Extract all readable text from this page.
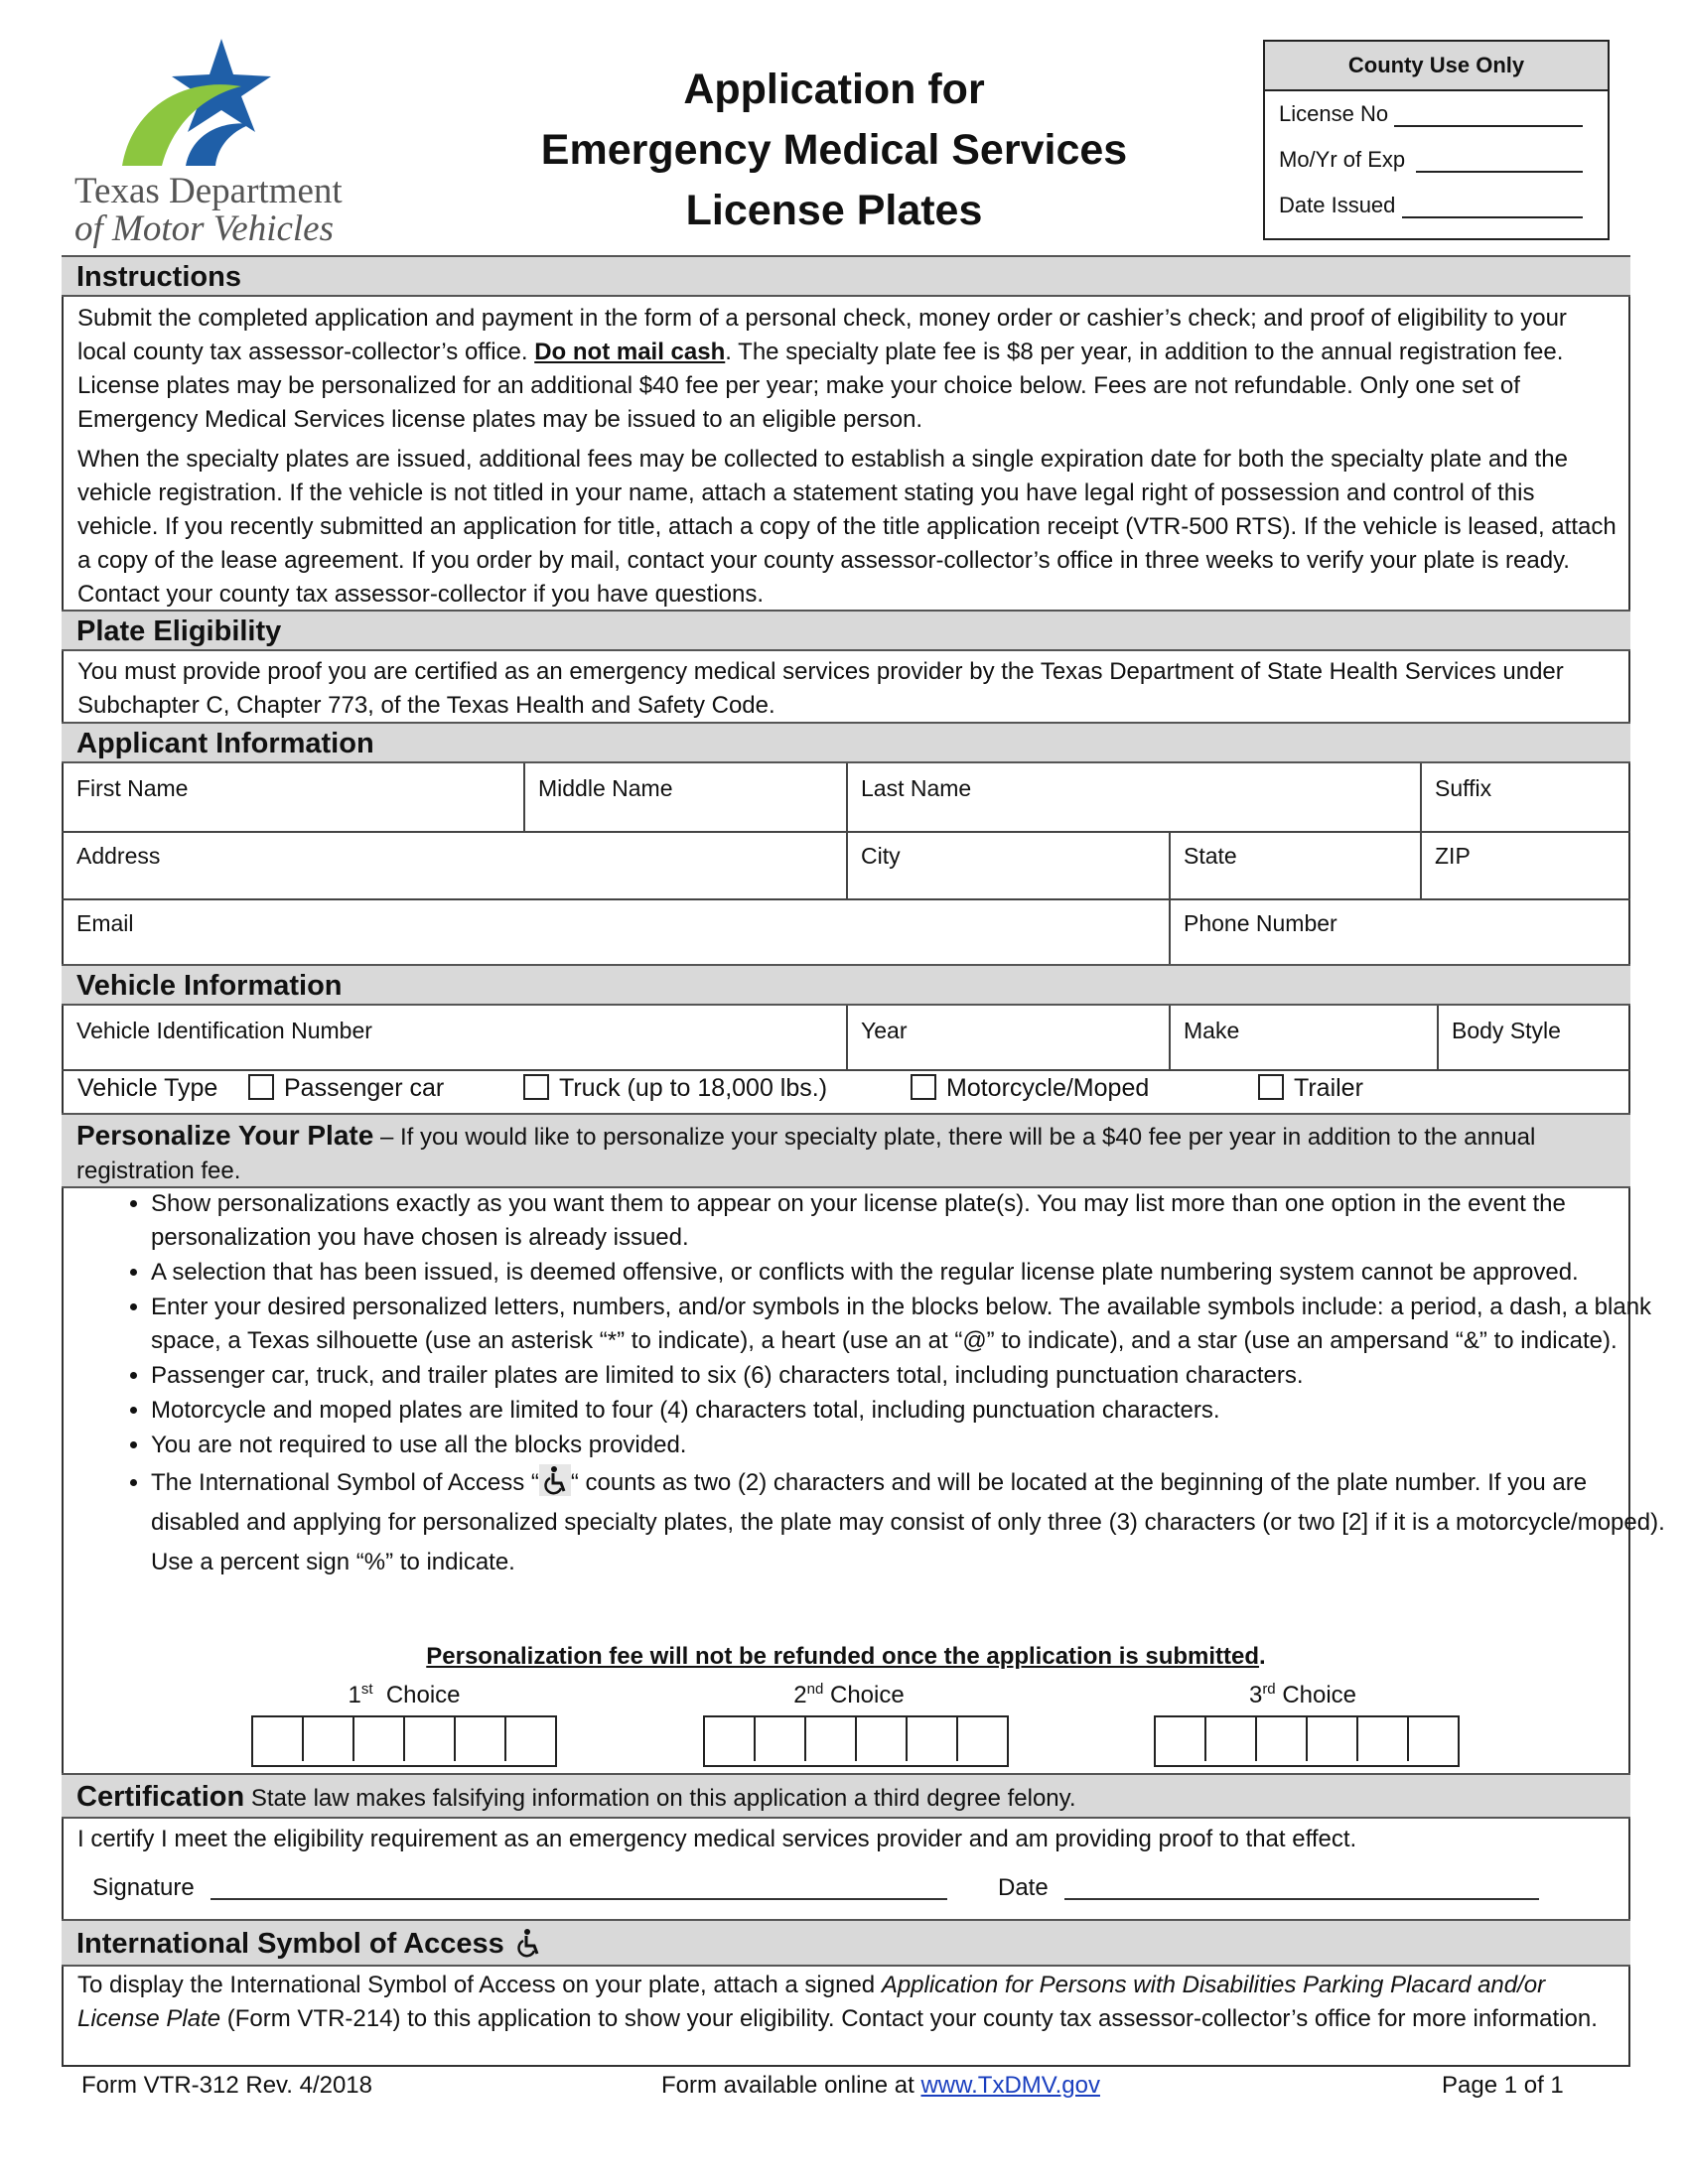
Texas Department
of Motor Vehicles
Application for
Emergency Medical Services
License Plates
County Use Only
License No
Mo/Yr of Exp
Date Issued
Instructions
Submit the completed application and payment in the form of a personal check, money order or cashier’s check; and proof of eligibility to your local county tax assessor-collector’s office. Do not mail cash. The specialty plate fee is $8 per year, in addition to the annual registration fee. License plates may be personalized for an additional $40 fee per year; make your choice below. Fees are not refundable. Only one set of Emergency Medical Services license plates may be issued to an eligible person.
When the specialty plates are issued, additional fees may be collected to establish a single expiration date for both the specialty plate and the vehicle registration. If the vehicle is not titled in your name, attach a statement stating you have legal right of possession and control of this vehicle. If you recently submitted an application for title, attach a copy of the title application receipt (VTR-500 RTS). If the vehicle is leased, attach a copy of the lease agreement. If you order by mail, contact your county assessor-collector’s office in three weeks to verify your plate is ready. Contact your county tax assessor-collector if you have questions.
Plate Eligibility
You must provide proof you are certified as an emergency medical services provider by the Texas Department of State Health Services under Subchapter C, Chapter 773, of the Texas Health and Safety Code.
Applicant Information
First Name	Middle Name	Last Name	Suffix
Address	City	State	ZIP
Email	Phone Number
Vehicle Information
Vehicle Identification Number	Year	Make	Body Style
Vehicle Type	Passenger car	Truck (up to 18,000 lbs.)	Motorcycle/Moped	Trailer
Personalize Your Plate – If you would like to personalize your specialty plate, there will be a $40 fee per year in addition to the annual registration fee.
• Show personalizations exactly as you want them to appear on your license plate(s). You may list more than one option in the event the personalization you have chosen is already issued.
• A selection that has been issued, is deemed offensive, or conflicts with the regular license plate numbering system cannot be approved.
• Enter your desired personalized letters, numbers, and/or symbols in the blocks below. The available symbols include: a period, a dash, a blank space, a Texas silhouette (use an asterisk “*” to indicate), a heart (use an at “@” to indicate), and a star (use an ampersand “&” to indicate).
• Passenger car, truck, and trailer plates are limited to six (6) characters total, including punctuation characters.
• Motorcycle and moped plates are limited to four (4) characters total, including punctuation characters.
• You are not required to use all the blocks provided.
• The International Symbol of Access “ “ counts as two (2) characters and will be located at the beginning of the plate number. If you are disabled and applying for personalized specialty plates, the plate may consist of only three (3) characters (or two [2] if it is a motorcycle/moped). Use a percent sign “%” to indicate.
Personalization fee will not be refunded once the application is submitted.
1st  Choice	2nd Choice	3rd Choice
Certification State law makes falsifying information on this application a third degree felony.
I certify I meet the eligibility requirement as an emergency medical services provider and am providing proof to that effect.
Signature	Date
International Symbol of Access
To display the International Symbol of Access on your plate, attach a signed Application for Persons with Disabilities Parking Placard and/or License Plate (Form VTR-214) to this application to show your eligibility. Contact your county tax assessor-collector’s office for more information.
Form VTR-312 Rev. 4/2018	Form available online at www.TxDMV.gov	Page 1 of 1
